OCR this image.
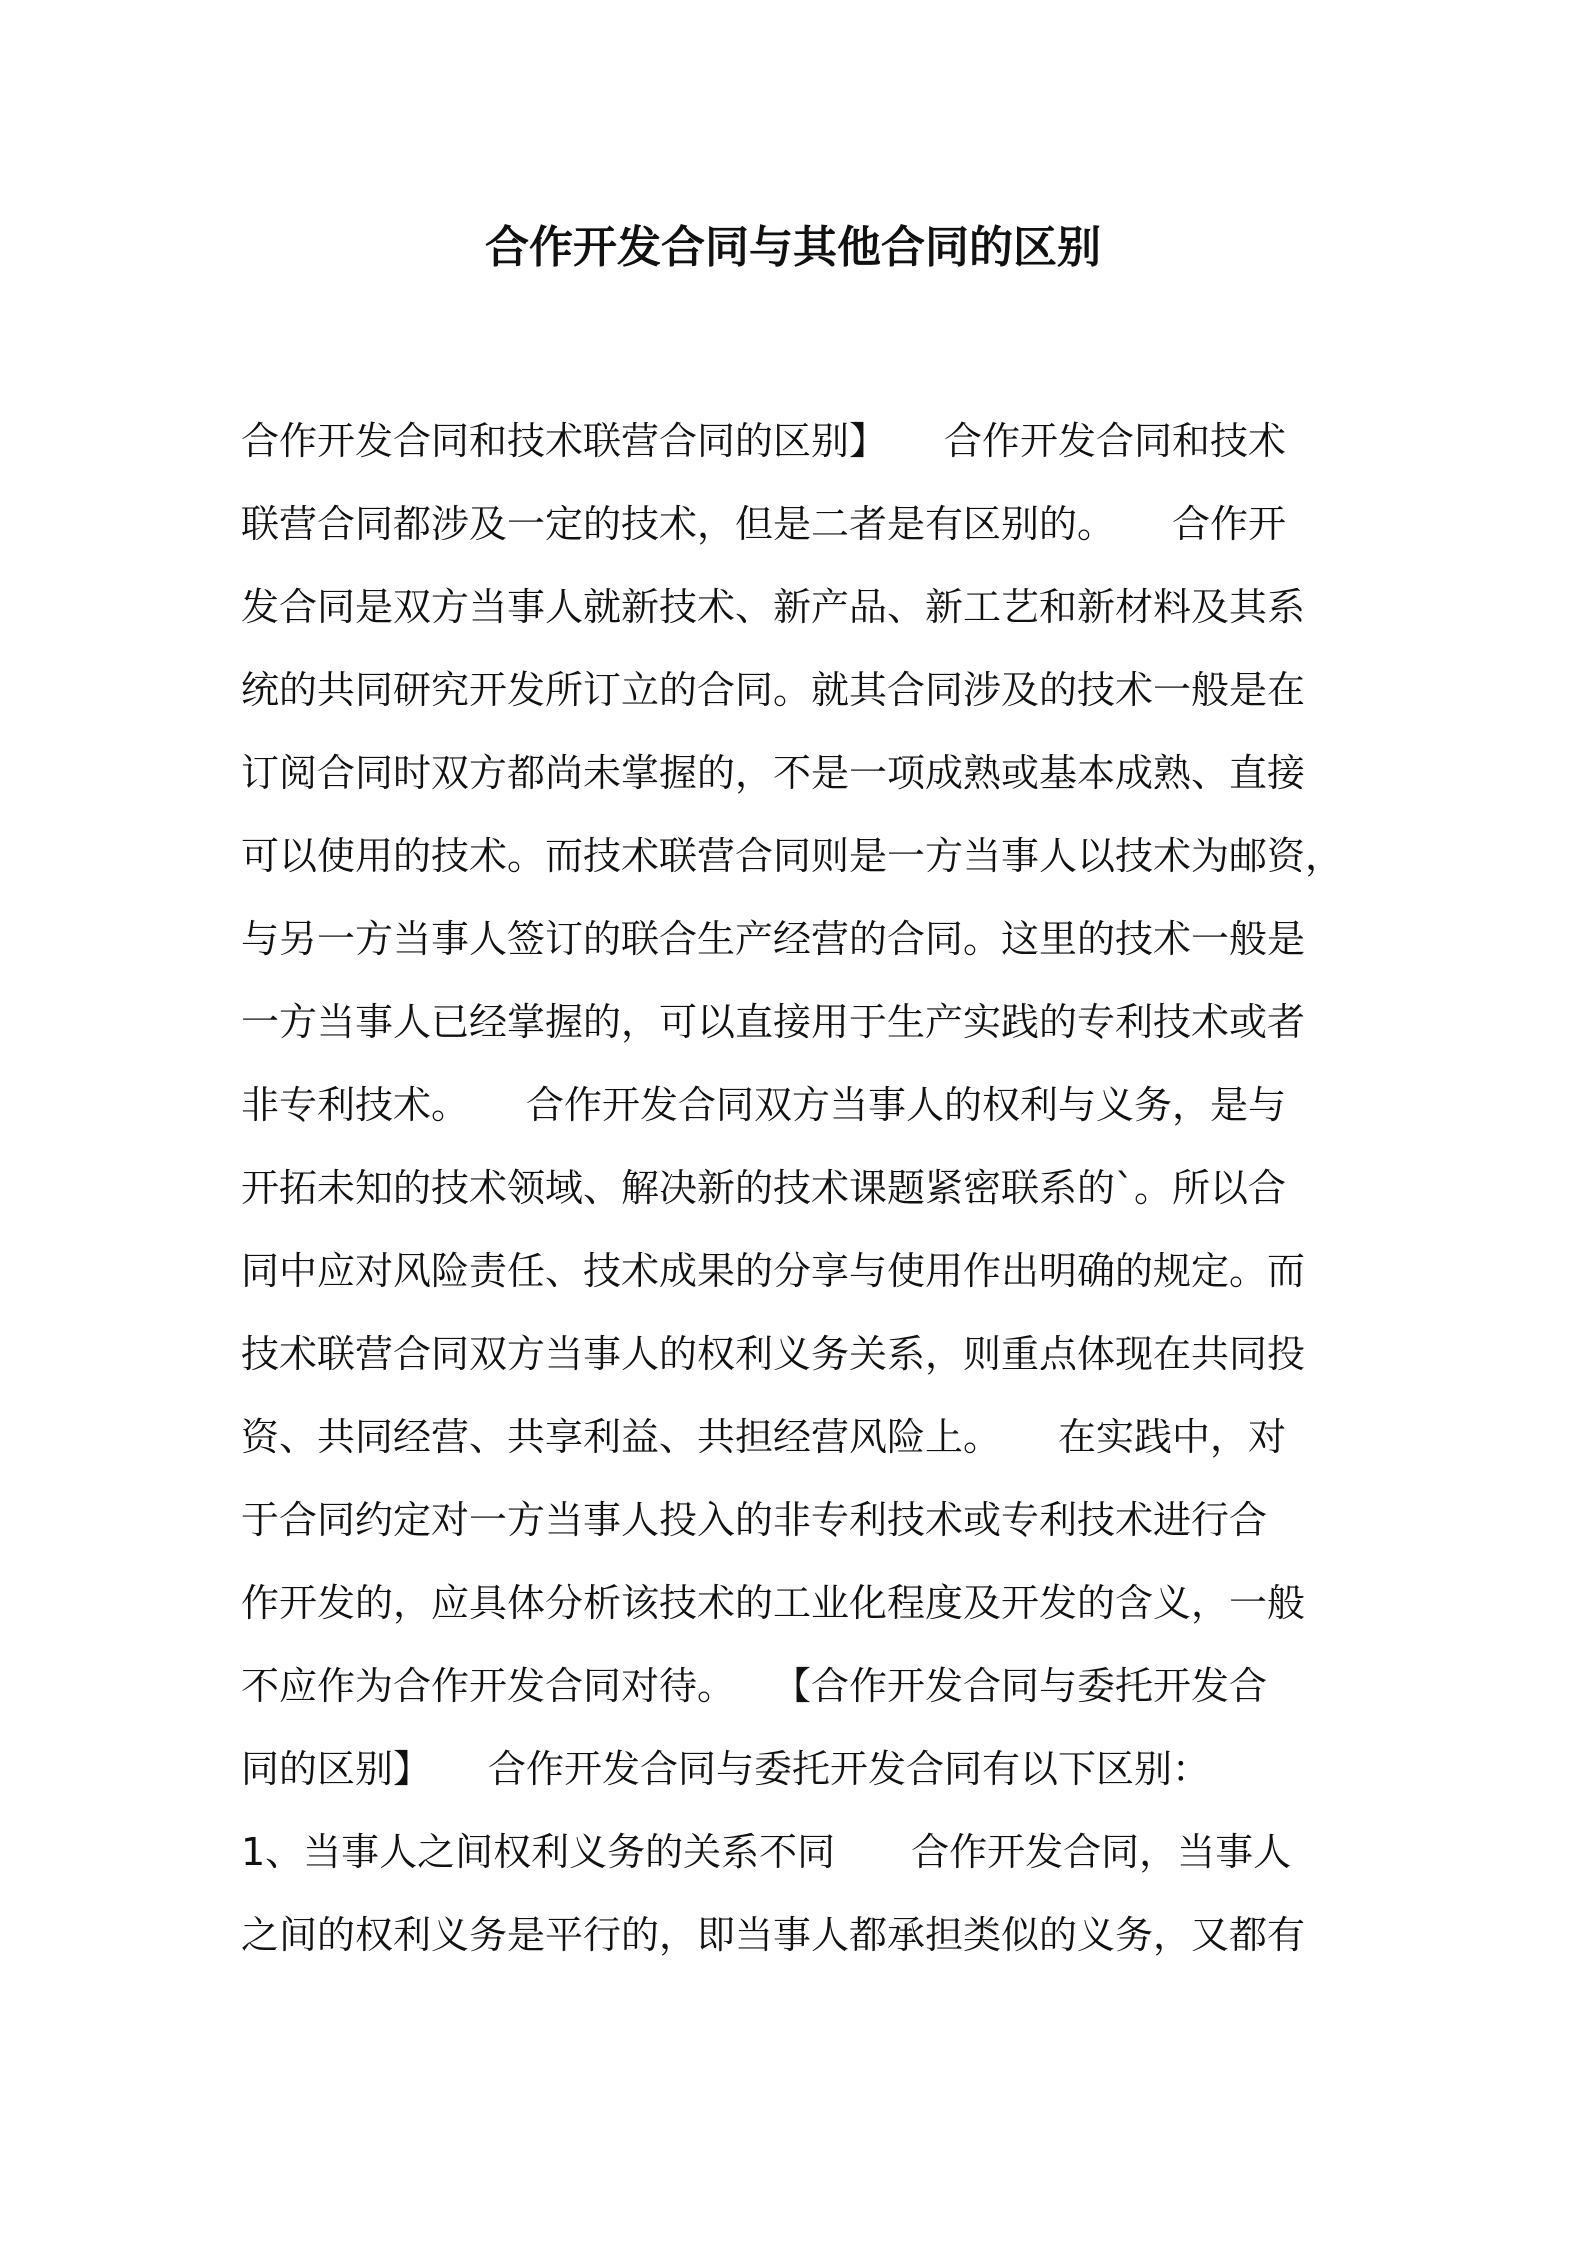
合作开发合同与其他合同的区别
合作开发合同和技术联营合同的区别】　　合作开发合同和技术
联营合同都涉及一定的技术，但是二者是有区别的。　　合作开
发合同是双方当事人就新技术、新产品、新工艺和新材料及其系
统的共同研究开发所订立的合同。就其合同涉及的技术一般是在
订阅合同时双方都尚未掌握的，不是一项成熟或基本成熟、直接
可以使用的技术。而技术联营合同则是一方当事人以技术为邮资，
与另一方当事人签订的联合生产经营的合同。这里的技术一般是
一方当事人已经掌握的，可以直接用于生产实践的专利技术或者
非专利技术。　　合作开发合同双方当事人的权利与义务，是与
开拓未知的技术领域、解决新的技术课题紧密联系的`。所以合
同中应对风险责任、技术成果的分享与使用作出明确的规定。而
技术联营合同双方当事人的权利义务关系，则重点体现在共同投
资、共同经营、共享利益、共担经营风险上。　　在实践中，对
于合同约定对一方当事人投入的非专利技术或专利技术进行合
作开发的，应具体分析该技术的工业化程度及开发的含义，一般
不应作为合作开发合同对待。　　【合作开发合同与委托开发合
同的区别】　　合作开发合同与委托开发合同有以下区别：
1、当事人之间权利义务的关系不同　　合作开发合同，当事人
之间的权利义务是平行的，即当事人都承担类似的义务，又都有
